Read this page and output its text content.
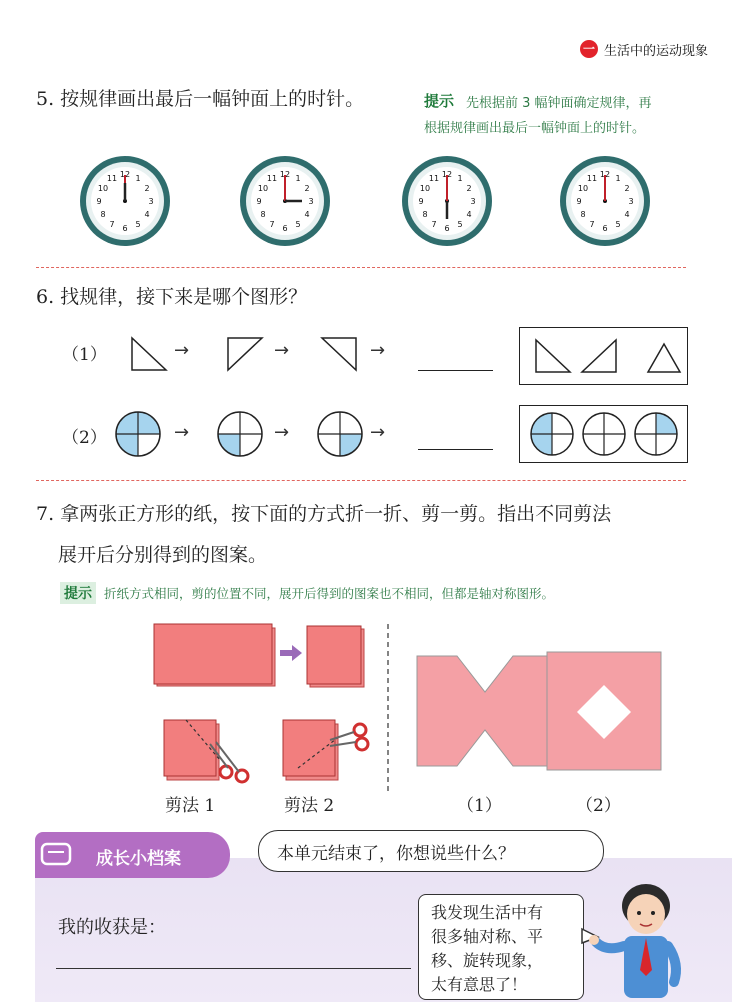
一 生活中的运动现象
5. 按规律画出最后一幅钟面上的时针。	提示 先根据前 3 幅钟面确定规律，再
根据规律画出最后一幅钟面上的时针。
12 1
2
3
4
5
6
7
8
9
10
11
6. 找规律，接下来是哪个图形？
（1）	→	→	→
（2）	→	→	→
7. 拿两张正方形的纸，按下面的方式折一折、剪一剪。指出不同剪法
展开后分别得到的图案。
提示 折纸方式相同，剪的位置不同，展开后得到的图案也不相同，但都是轴对称图形。
剪法 1	剪法 2	（1）	（2）
成长小档案	本单元结束了，你想说些什么？
我的收获是：
我发现生活中有
很多轴对称、平
移、旋转现象，
太有意思了！
